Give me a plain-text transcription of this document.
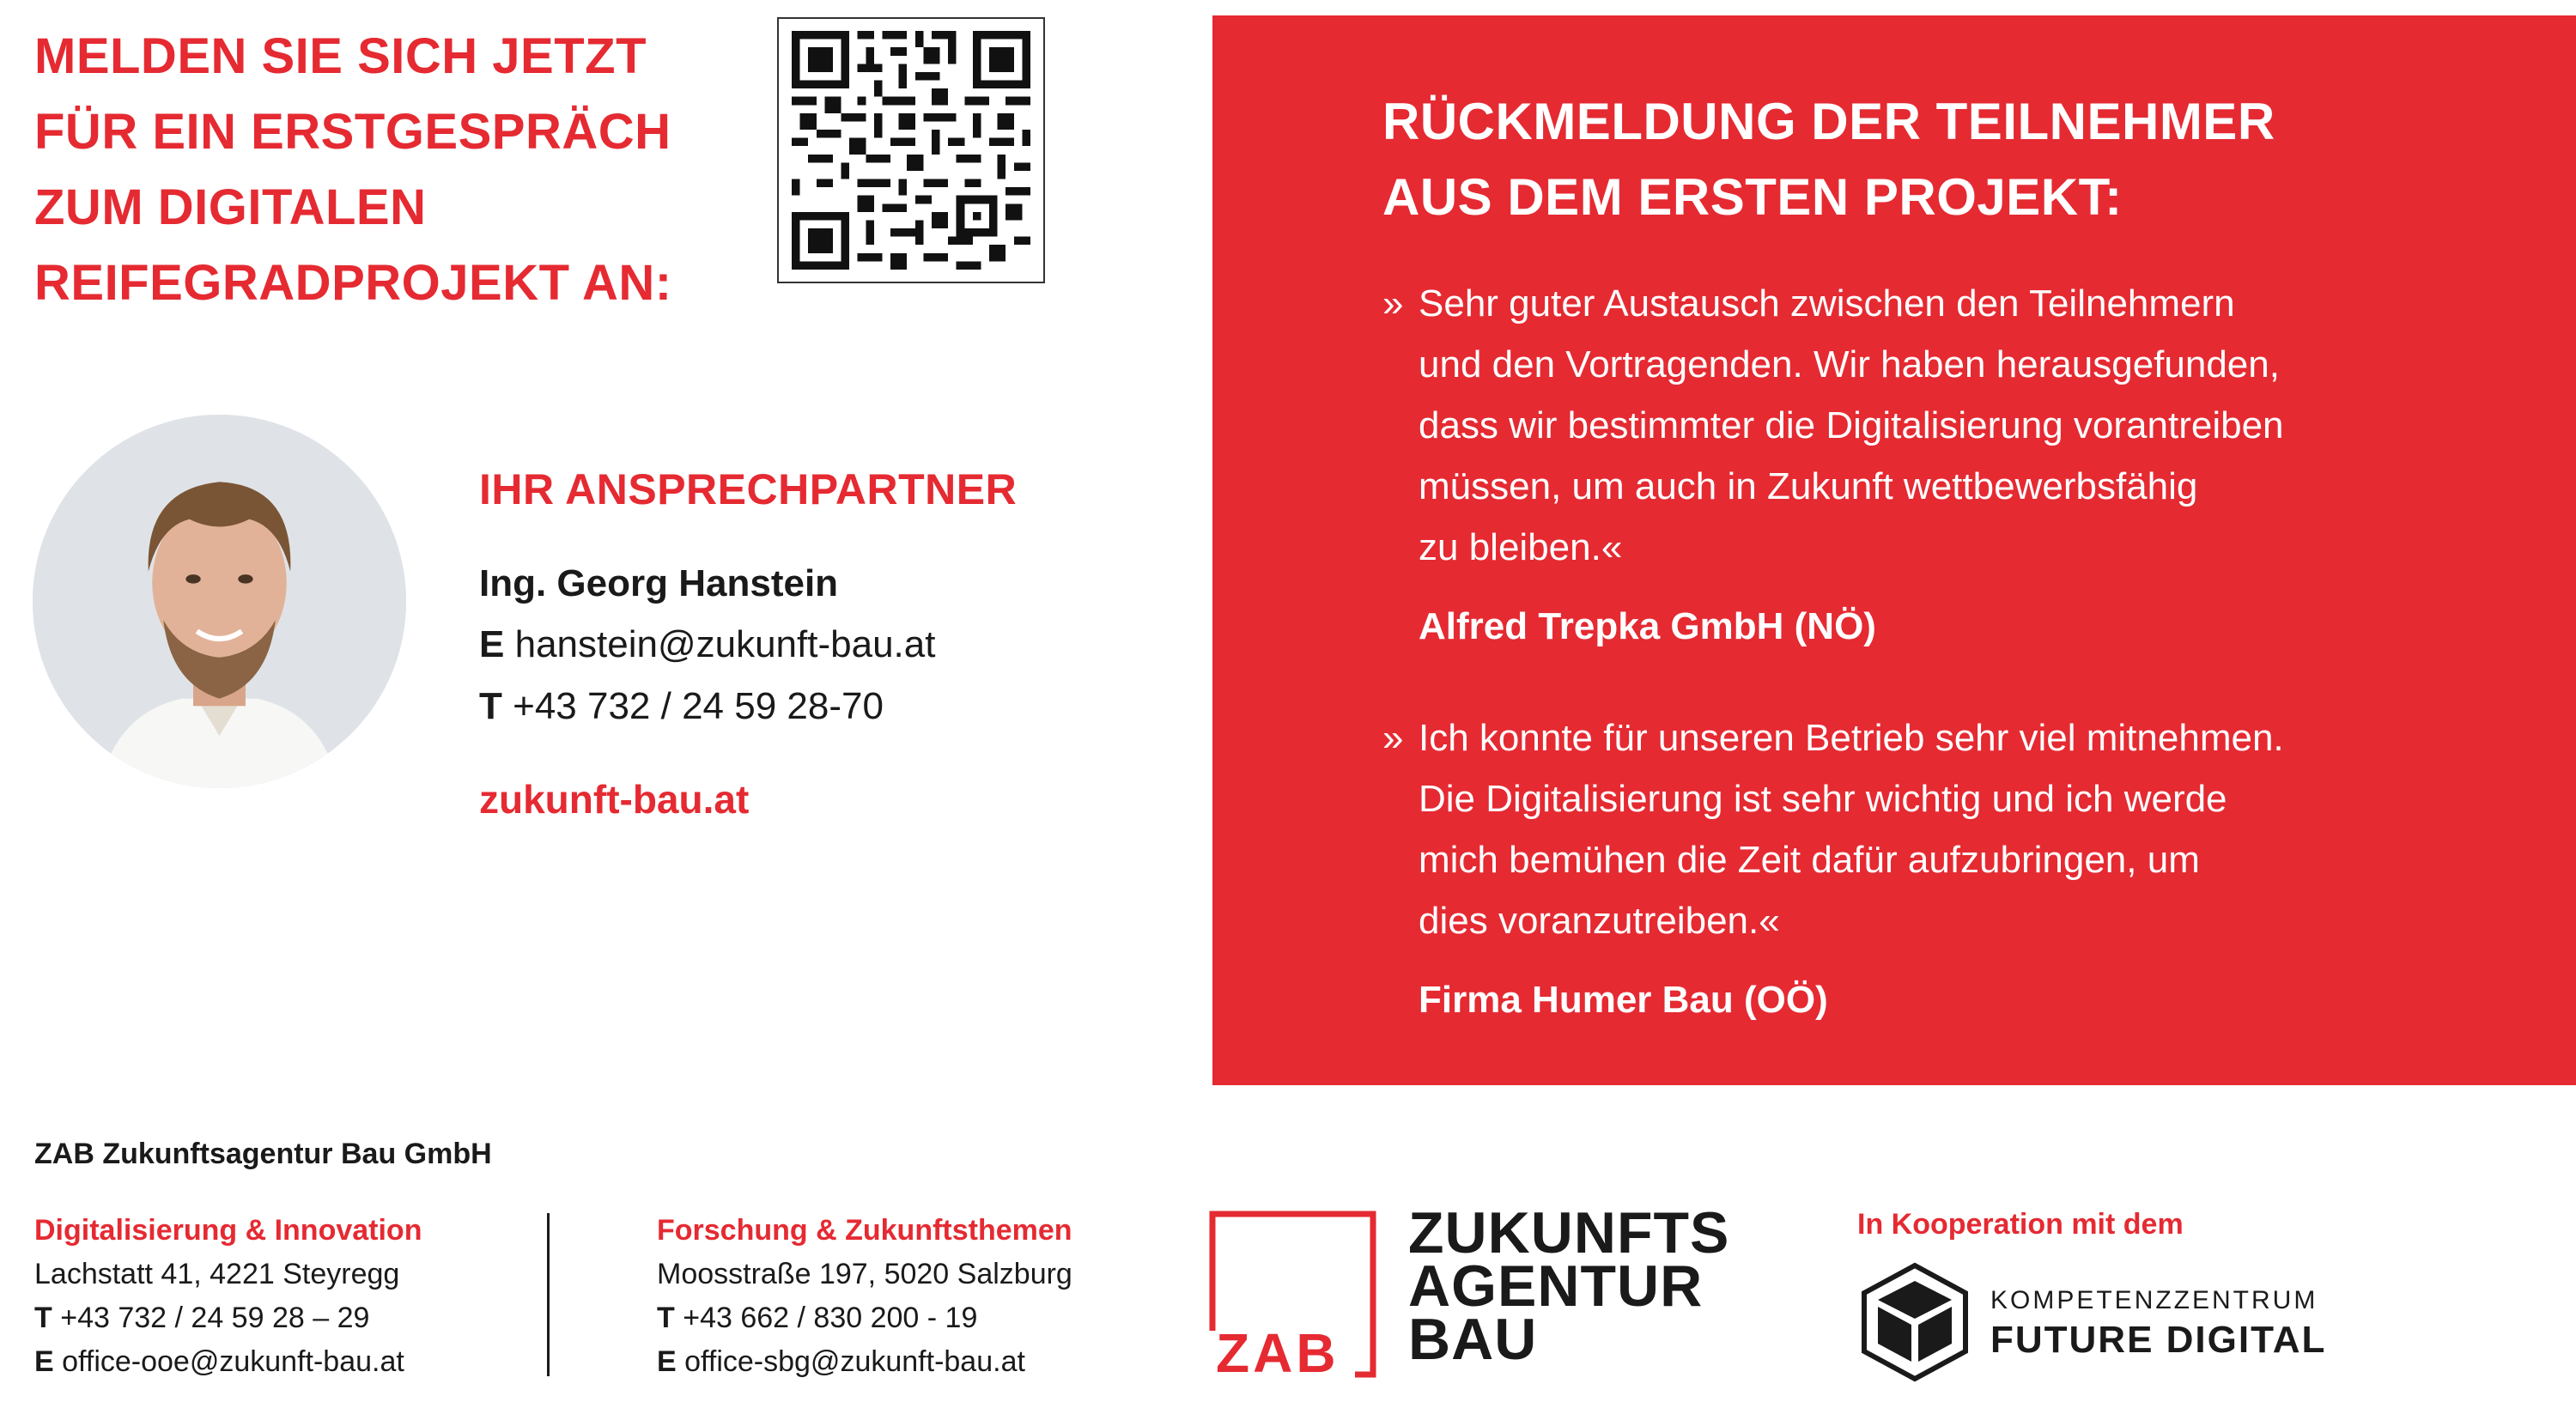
MELDEN SIE SICH JETZT
FÜR EIN ERSTGESPRÄCH
ZUM DIGITALEN
REIFEGRADPROJEKT AN:
IHR ANSPRECHPARTNER
Ing. Georg Hanstein
E hanstein@zukunft-bau.at
T +43 732 / 24 59 28-70
zukunft-bau.at
RÜCKMELDUNG DER TEILNEHMER
AUS DEM ERSTEN PROJEKT:
» Sehr guter Austausch zwischen den Teilnehmern
und den Vortragenden. Wir haben herausgefunden,
dass wir bestimmter die Digitalisierung vorantreiben
müssen, um auch in Zukunft wettbewerbsfähig
zu bleiben.«
Alfred Trepka GmbH (NÖ)
» Ich konnte für unseren Betrieb sehr viel mitnehmen.
Die Digitalisierung ist sehr wichtig und ich werde
mich bemühen die Zeit dafür aufzubringen, um
dies voranzutreiben.«
Firma Humer Bau (OÖ)
ZAB Zukunftsagentur Bau GmbH
Digitalisierung & Innovation
Lachstatt 41, 4221 Steyregg
T +43 732 / 24 59 28 – 29
E office-ooe@zukunft-bau.at
Forschung & Zukunftsthemen
Moosstraße 197, 5020 Salzburg
T +43 662 / 830 200 - 19
E office-sbg@zukunft-bau.at	ZAB
ZUKUNFTS
AGENTUR
BAU
In Kooperation mit dem
KOMPETENZZENTRUM
FUTURE DIGITAL
